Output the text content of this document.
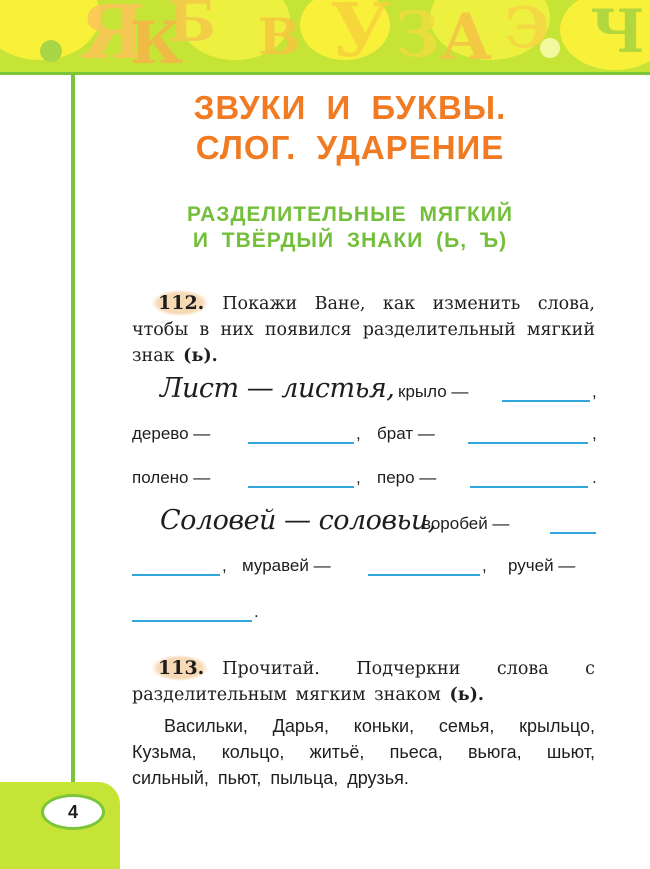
Я
К
Б В У З А Э Ч
ЗВУКИ И БУКВЫ.
СЛОГ. УДАРЕНИЕ
РАЗДЕЛИТЕЛЬНЫЕ МЯГКИЙ
И ТВЁРДЫЙ ЗНАКИ (Ь, Ъ)
112. Покажи Ване, как изменить слова, чтобы в них появился разделительный мягкий знак (ь).
Лист — листья, крыло —	,
дерево —	, брат —	,
полено —	, перо —	.
Соловей — соловьи,
воробей —
, муравей —	, ручей —
.
113. Прочитай. Подчеркни слова с разделительным мягким знаком (ь).
Васильки, Дарья, коньки, семья, крыльцо,
Кузьма, кольцо, житьё, пьеса, вьюга, шьют,
сильный, пьют, пыльца, друзья.
4
